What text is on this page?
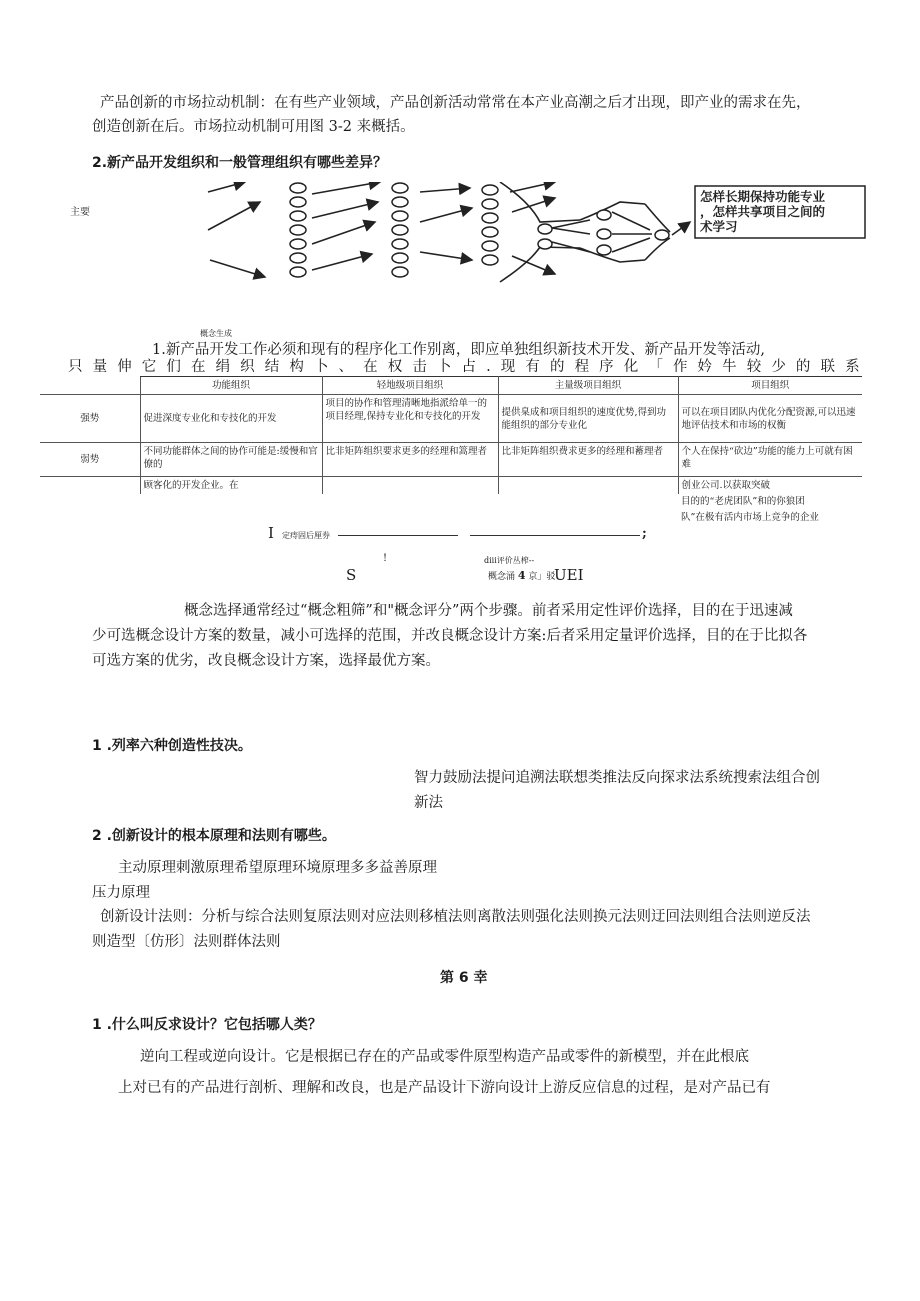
产品创新的市场拉动机制：在有些产业领域，产品创新活动常常在本产业高潮之后才出现，即产业的需求在先，
创造创新在后。市场拉动机制可用图 3-2 来概括。
2.新产品开发组织和一般管理组织有哪些差异？
主要
怎样长期保持功能专业
，怎样共享项目之间的
术学习
概念生成
1.新产品开发工作必须和现有的程序化工作别离，即应单独组织新技术开发、新产品开发等活动,
只 量 伸 它 们 在 绢 织 结 构 卜 、 在 权 击 卜 占 . 现 有 的 程 序 化 「 作 妗 牛 较 少 的 联 系
	功能组织	轻地级项目组织	主量级项目组织	项目组织
强势	促进深度专业化和专技化的开发	项目的协作和管理清晰地指派给单一的项目经理,保持专业化和专技化的开发	提供臬成和项目组织的速度优势,得到功能组织的部分专业化	可以在项目团队内优化分配资源,可以迅速地评估技术和市场的权衡
弱势	不同功能群体之间的协作可能是:缓慢和官僚的	比非矩阵组织要求更多的经理和篙理者	比非矩阵组织费求更多的经理和蓄理者	个人在保持“砍边”功能的能力上可就有困难
	顾客化的开发企业。在			创业公司.以获取突破
目的的“老虎团队”和的你狼团
队”在极有活内市场上竞争的企业
I 定痔固后厘券	;
!	diii评价丛榨--
S	概念涌 4 京」驳
UEI
概念选择通常经过“概念粗筛”和"概念评分”两个步骤。前者采用定性评价选择，目的在于迅速减
少可选概念设计方案的数量，减小可选择的范围，并改良概念设计方案:后者采用定量评价选择，目的在于比拟各
可选方案的优劣，改良概念设计方案，选择最优方案。
1 .列率六种创造性技决。
智力鼓励法提问追溯法联想类推法反向探求法系统搜索法组合创
新法
2 .创新设计的根本原理和法则有哪些。
主动原理刺激原理希望原理环境原理多多益善原理
压力原理
创新设计法则：分析与综合法则复原法则对应法则移植法则离散法则强化法则换元法则迂回法则组合法则逆反法
则造型〔仿形〕法则群体法则
第 6 幸
1 .什么叫反求设计？它包括哪人类？
逆向工程或逆向设计。它是根据已存在的产品或零件原型构造产品或零件的新模型，并在此根底
上对已有的产品进行剖析、理解和改良，也是产品设计下游向设计上游反应信息的过程，是对产品已有
